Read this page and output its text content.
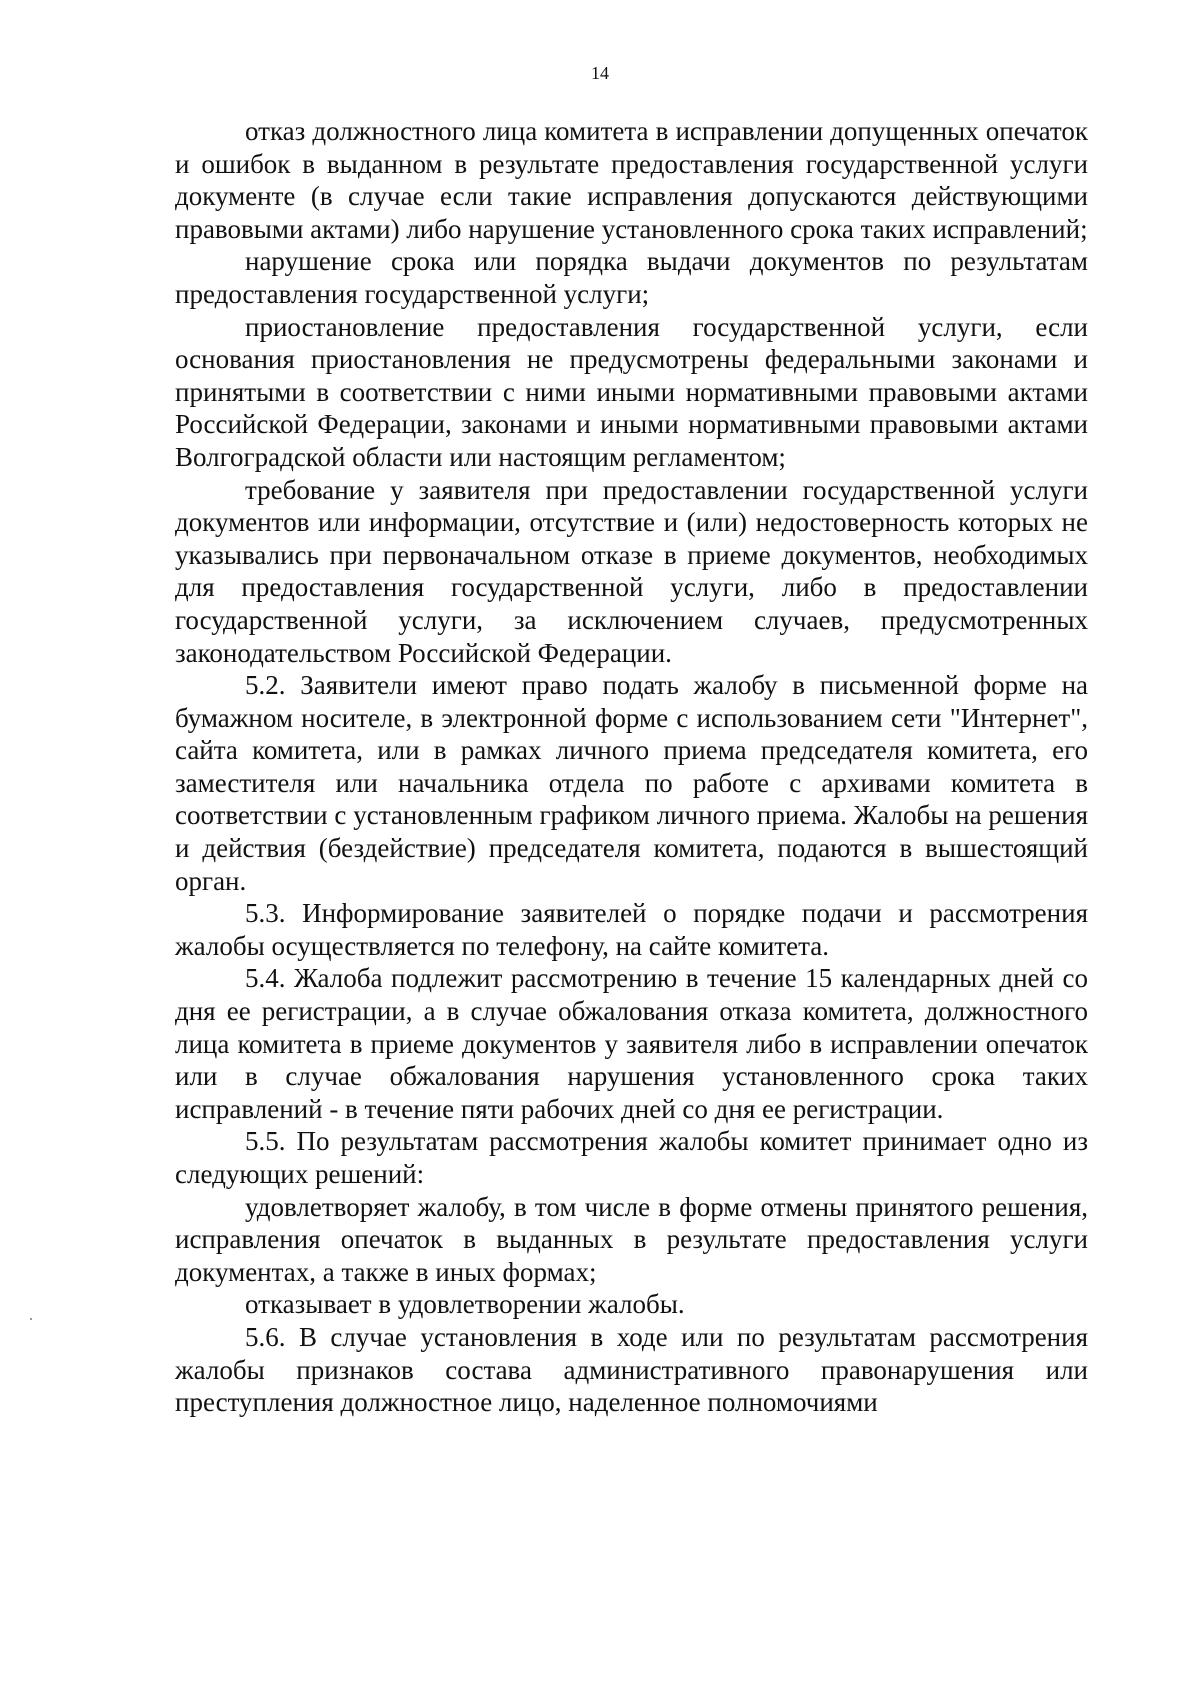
14

отказ должностного лица комитета в исправлении допущенных опечаток и ошибок в выданном в результате предоставления государственной услуги документе (в случае если такие исправления допускаются действующими правовыми актами) либо нарушение установленного срока таких исправлений;

нарушение срока или порядка выдачи документов по результатам предоставления государственной услуги;

приостановление предоставления государственной услуги, если основания приостановления не предусмотрены федеральными законами и принятыми в соответствии с ними иными нормативными правовыми актами Российской Федерации, законами и иными нормативными правовыми актами Волгоградской области или настоящим регламентом;

требование у заявителя при предоставлении государственной услуги документов или информации, отсутствие и (или) недостоверность которых не указывались при первоначальном отказе в приеме документов, необходимых для предоставления государственной услуги, либо в предоставлении государственной услуги, за исключением случаев, предусмотренных законодательством Российской Федерации.

5.2. Заявители имеют право подать жалобу в письменной форме на бумажном носителе, в электронной форме с использованием сети "Интернет", сайта комитета, или в рамках личного приема председателя комитета, его заместителя или начальника отдела по работе с архивами комитета в соответствии с установленным графиком личного приема. Жалобы на решения и действия (бездействие) председателя комитета, подаются в вышестоящий орган.

5.3. Информирование заявителей о порядке подачи и рассмотрения жалобы осуществляется по телефону, на сайте комитета.

5.4. Жалоба подлежит рассмотрению в течение 15 календарных дней со дня ее регистрации, а в случае обжалования отказа комитета, должностного лица комитета в приеме документов у заявителя либо в исправлении опечаток или в случае обжалования нарушения установленного срока таких исправлений - в течение пяти рабочих дней со дня ее регистрации.

5.5. По результатам рассмотрения жалобы комитет принимает одно из следующих решений:

удовлетворяет жалобу, в том числе в форме отмены принятого решения, исправления опечаток в выданных в результате предоставления услуги документах, а также в иных формах;

отказывает в удовлетворении жалобы.

5.6. В случае установления в ходе или по результатам рассмотрения жалобы признаков состава административного правонарушения или преступления должностное лицо, наделенное полномочиями
